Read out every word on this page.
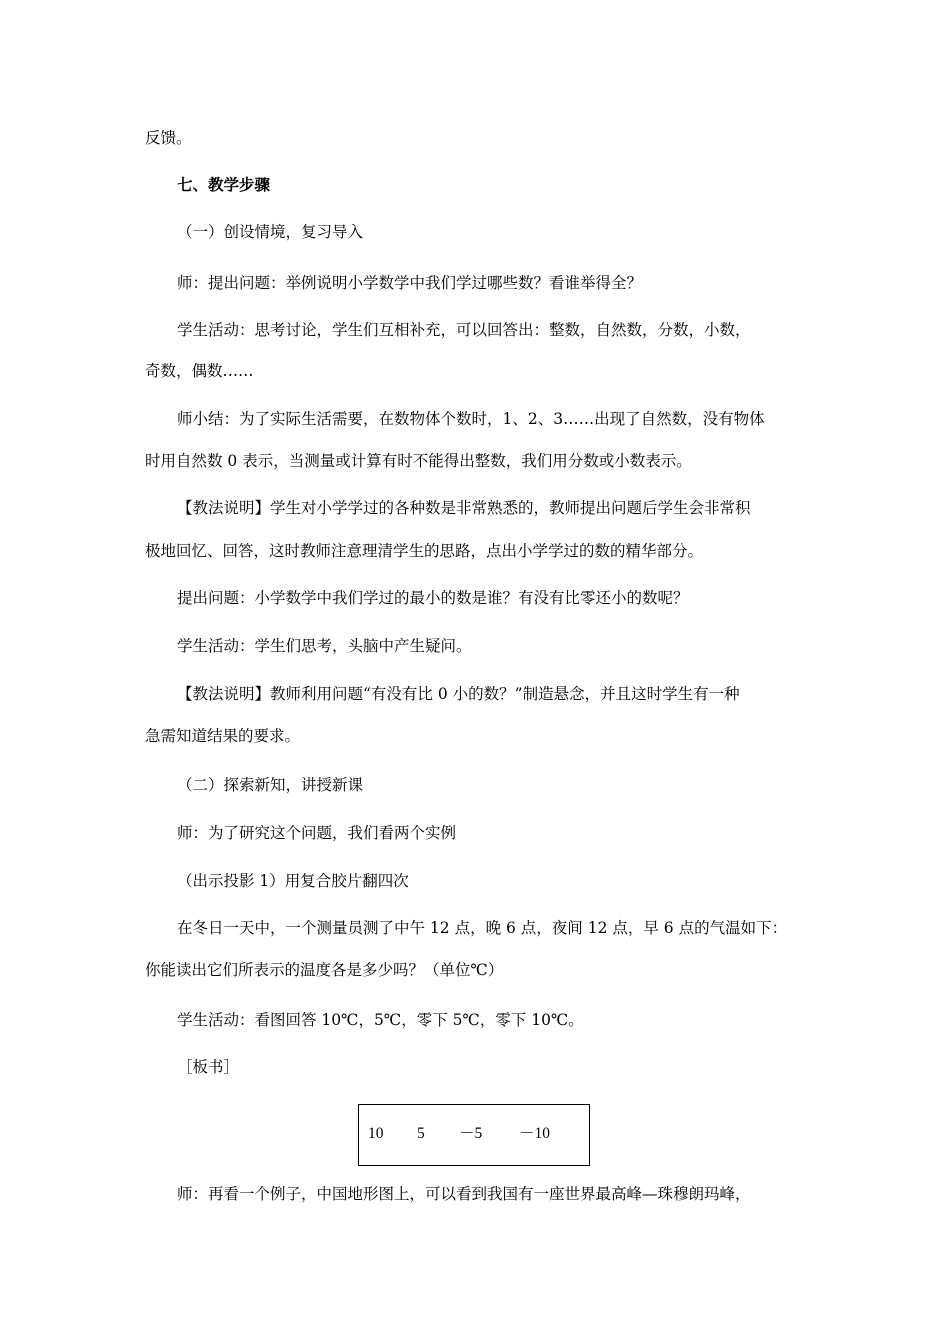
反馈。
七、教学步骤
（一）创设情境，复习导入
师：提出问题：举例说明小学数学中我们学过哪些数？看谁举得全？
学生活动：思考讨论，学生们互相补充，可以回答出：整数，自然数，分数，小数，
奇数，偶数……
师小结：为了实际生活需要，在数物体个数时，1、2、3……出现了自然数，没有物体
时用自然数 0 表示，当测量或计算有时不能得出整数，我们用分数或小数表示。
【教法说明】学生对小学学过的各种数是非常熟悉的，教师提出问题后学生会非常积
极地回忆、回答，这时教师注意理清学生的思路，点出小学学过的数的精华部分。
提出问题：小学数学中我们学过的最小的数是谁？有没有比零还小的数呢？
学生活动：学生们思考，头脑中产生疑问。
【教法说明】教师利用问题“有没有比 0 小的数？”制造悬念，并且这时学生有一种
急需知道结果的要求。
（二）探索新知，讲授新课
师：为了研究这个问题，我们看两个实例
（出示投影 1）用复合胶片翻四次
在冬日一天中，一个测量员测了中午 12 点，晚 6 点，夜间 12 点，早 6 点的气温如下：
你能读出它们所表示的温度各是多少吗？（单位℃）
学生活动：看图回答 10℃，5℃，零下 5℃，零下 10℃。
［板书］
10 5 －5 －10
师：再看一个例子，中国地形图上，可以看到我国有一座世界最高峰—珠穆朗玛峰，
